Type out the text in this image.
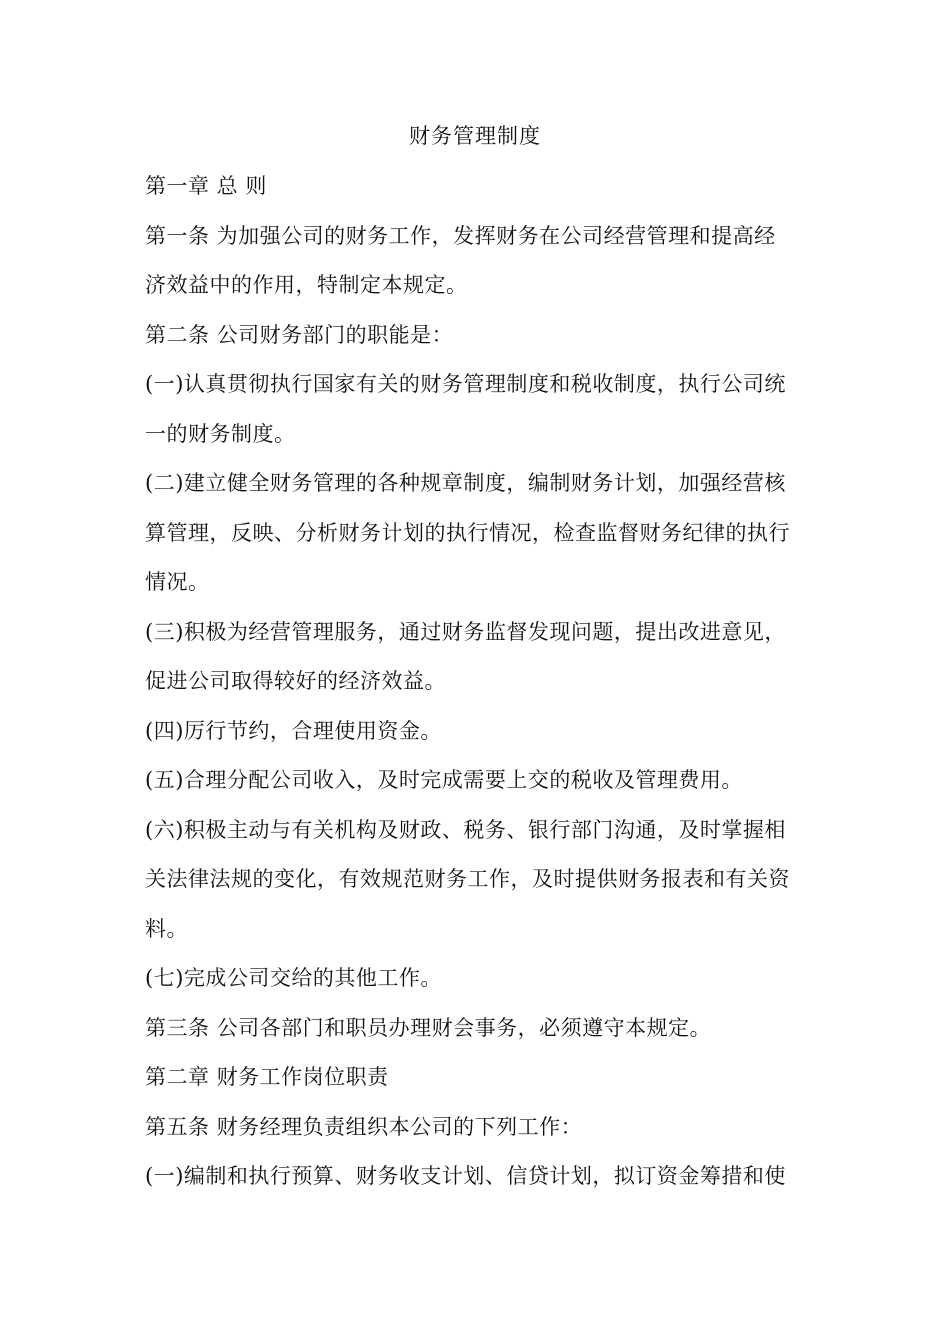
财务管理制度
第一章 总 则
第一条 为加强公司的财务工作，发挥财务在公司经营管理和提高经
济效益中的作用，特制定本规定。
第二条 公司财务部门的职能是：
(一)认真贯彻执行国家有关的财务管理制度和税收制度，执行公司统
一的财务制度。
(二)建立健全财务管理的各种规章制度，编制财务计划，加强经营核
算管理，反映、分析财务计划的执行情况，检查监督财务纪律的执行
情况。
(三)积极为经营管理服务，通过财务监督发现问题，提出改进意见，
促进公司取得较好的经济效益。
(四)厉行节约，合理使用资金。
(五)合理分配公司收入，及时完成需要上交的税收及管理费用。
(六)积极主动与有关机构及财政、税务、银行部门沟通，及时掌握相
关法律法规的变化，有效规范财务工作，及时提供财务报表和有关资
料。
(七)完成公司交给的其他工作。
第三条 公司各部门和职员办理财会事务，必须遵守本规定。
第二章 财务工作岗位职责
第五条 财务经理负责组织本公司的下列工作：
(一)编制和执行预算、财务收支计划、信贷计划，拟订资金筹措和使
